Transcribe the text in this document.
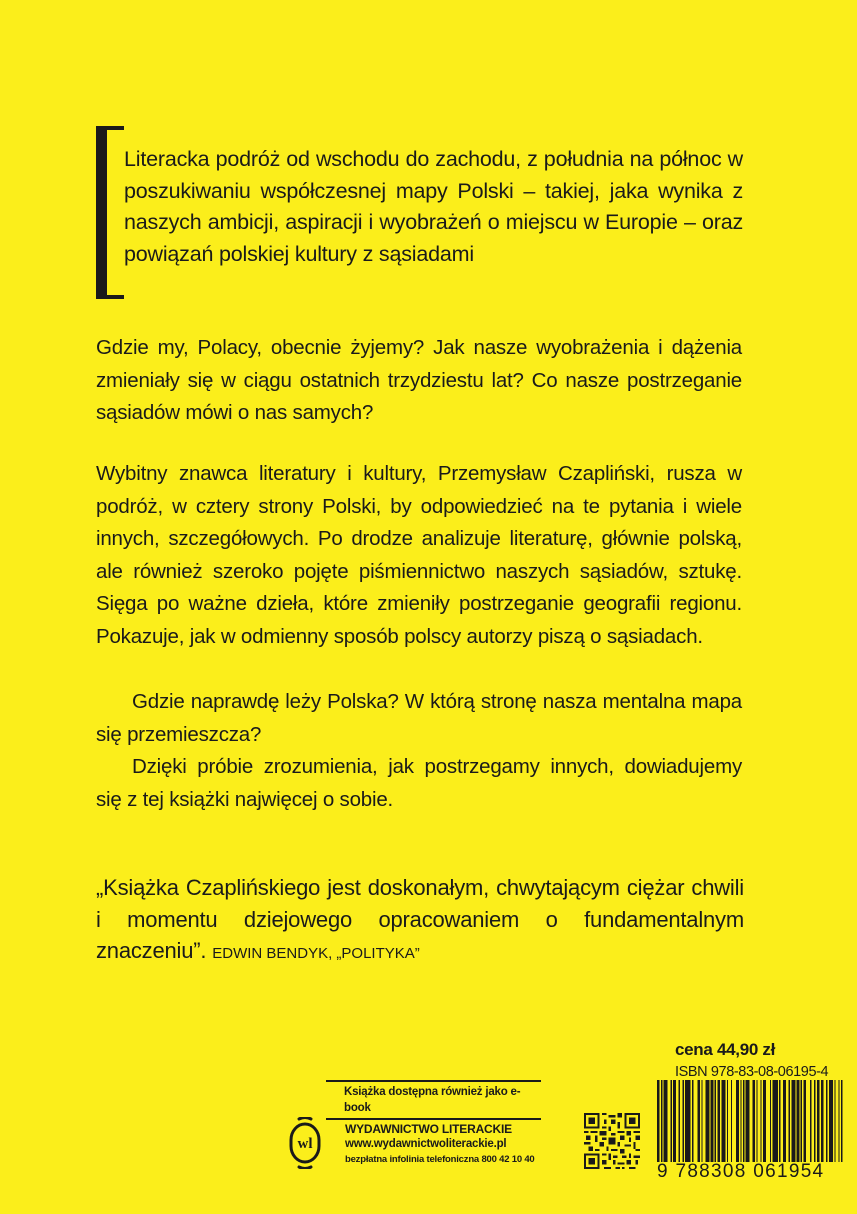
Literacka podróż od wschodu do zachodu, z południa na północ w poszukiwaniu współczesnej mapy Polski – takiej, jaka wynika z naszych ambicji, aspiracji i wyobrażeń o miejscu w Europie – oraz powiązań polskiej kultury z sąsiadami

Gdzie my, Polacy, obecnie żyjemy? Jak nasze wyobrażenia i dążenia zmieniały się w ciągu ostatnich trzydziestu lat? Co nasze postrzeganie sąsiadów mówi o nas samych?

Wybitny znawca literatury i kultury, Przemysław Czapliński, rusza w podróż, w cztery strony Polski, by odpowiedzieć na te pytania i wiele innych, szczegółowych. Po drodze analizuje literaturę, głównie polską, ale również szeroko pojęte piśmiennictwo naszych sąsiadów, sztukę. Sięga po ważne dzieła, które zmieniły postrzeganie geografii regionu. Pokazuje, jak w odmienny sposób polscy autorzy piszą o sąsiadach.

Gdzie naprawdę leży Polska? W którą stronę nasza mentalna mapa się przemieszcza?

Dzięki próbie zrozumienia, jak postrzegamy innych, dowiadujemy się z tej książki najwięcej o sobie.

„Książka Czaplińskiego jest doskonałym, chwytającym ciężar chwili i momentu dziejowego opracowaniem o fundamentalnym znaczeniu”. EDWIN BENDYK, „POLITYKA”

Książka dostępna również jako e-book
wl
WYDAWNICTWO LITERACKIE
www.wydawnictwoliterackie.pl
bezpłatna infolinia telefoniczna 800 42 10 40
cena 44,90 zł
ISBN 978-83-08-06195-4
9 788308 061954
